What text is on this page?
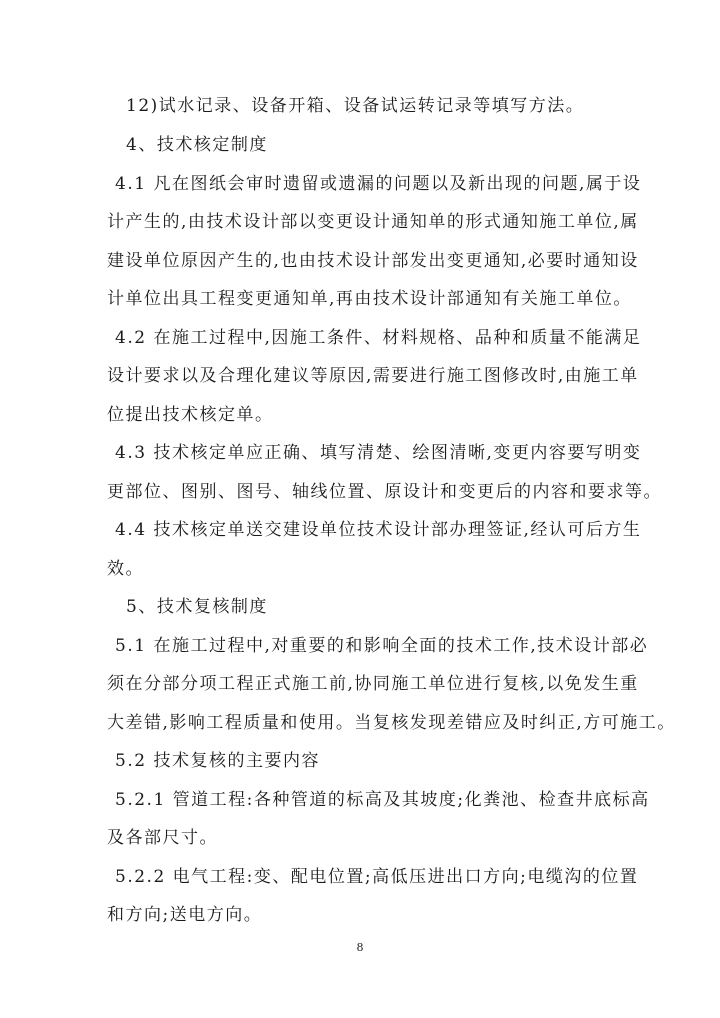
12)试水记录、设备开箱、设备试运转记录等填写方法。
4、技术核定制度
4.1 凡在图纸会审时遗留或遗漏的问题以及新出现的问题,属于设
计产生的,由技术设计部以变更设计通知单的形式通知施工单位,属
建设单位原因产生的,也由技术设计部发出变更通知,必要时通知设
计单位出具工程变更通知单,再由技术设计部通知有关施工单位。
4.2 在施工过程中,因施工条件、材料规格、品种和质量不能满足
设计要求以及合理化建议等原因,需要进行施工图修改时,由施工单
位提出技术核定单。
4.3 技术核定单应正确、填写清楚、绘图清晰,变更内容要写明变
更部位、图别、图号、轴线位置、原设计和变更后的内容和要求等。
4.4 技术核定单送交建设单位技术设计部办理签证,经认可后方生
效。
5、技术复核制度
5.1 在施工过程中,对重要的和影响全面的技术工作,技术设计部必
须在分部分项工程正式施工前,协同施工单位进行复核,以免发生重
大差错,影响工程质量和使用。当复核发现差错应及时纠正,方可施工。
5.2 技术复核的主要内容
5.2.1 管道工程:各种管道的标高及其坡度;化粪池、检查井底标高
及各部尺寸。
5.2.2 电气工程:变、配电位置;高低压进出口方向;电缆沟的位置
和方向;送电方向。
8
